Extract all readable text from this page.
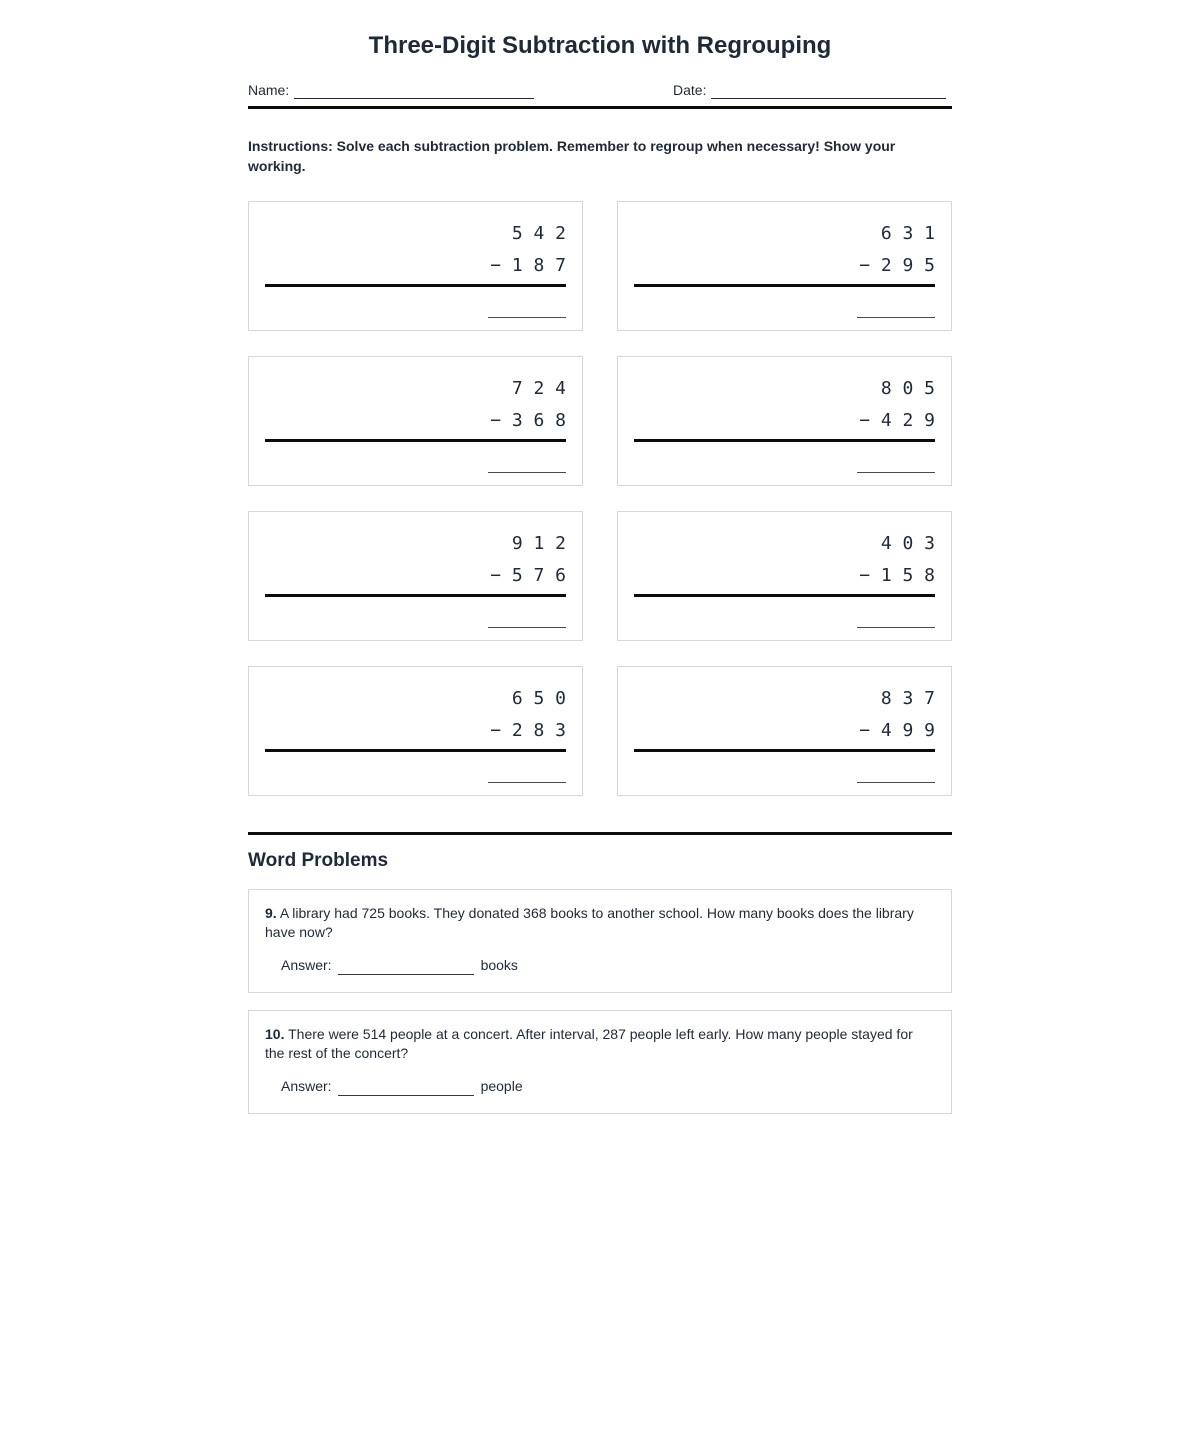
Three-Digit Subtraction with Regrouping
Name:	Date:

Instructions: Solve each subtraction problem. Remember to regroup when necessary! Show your working.

542
−187
631
−295
724
−368
805
−429
912
−576
403
−158
650
−283
837
−499
Word Problems

9. A library had 725 books. They donated 368 books to another school. How many books does the library have now?

Answer:	books

10. There were 514 people at a concert. After interval, 287 people left early. How many people stayed for the rest of the concert?

Answer:	people
